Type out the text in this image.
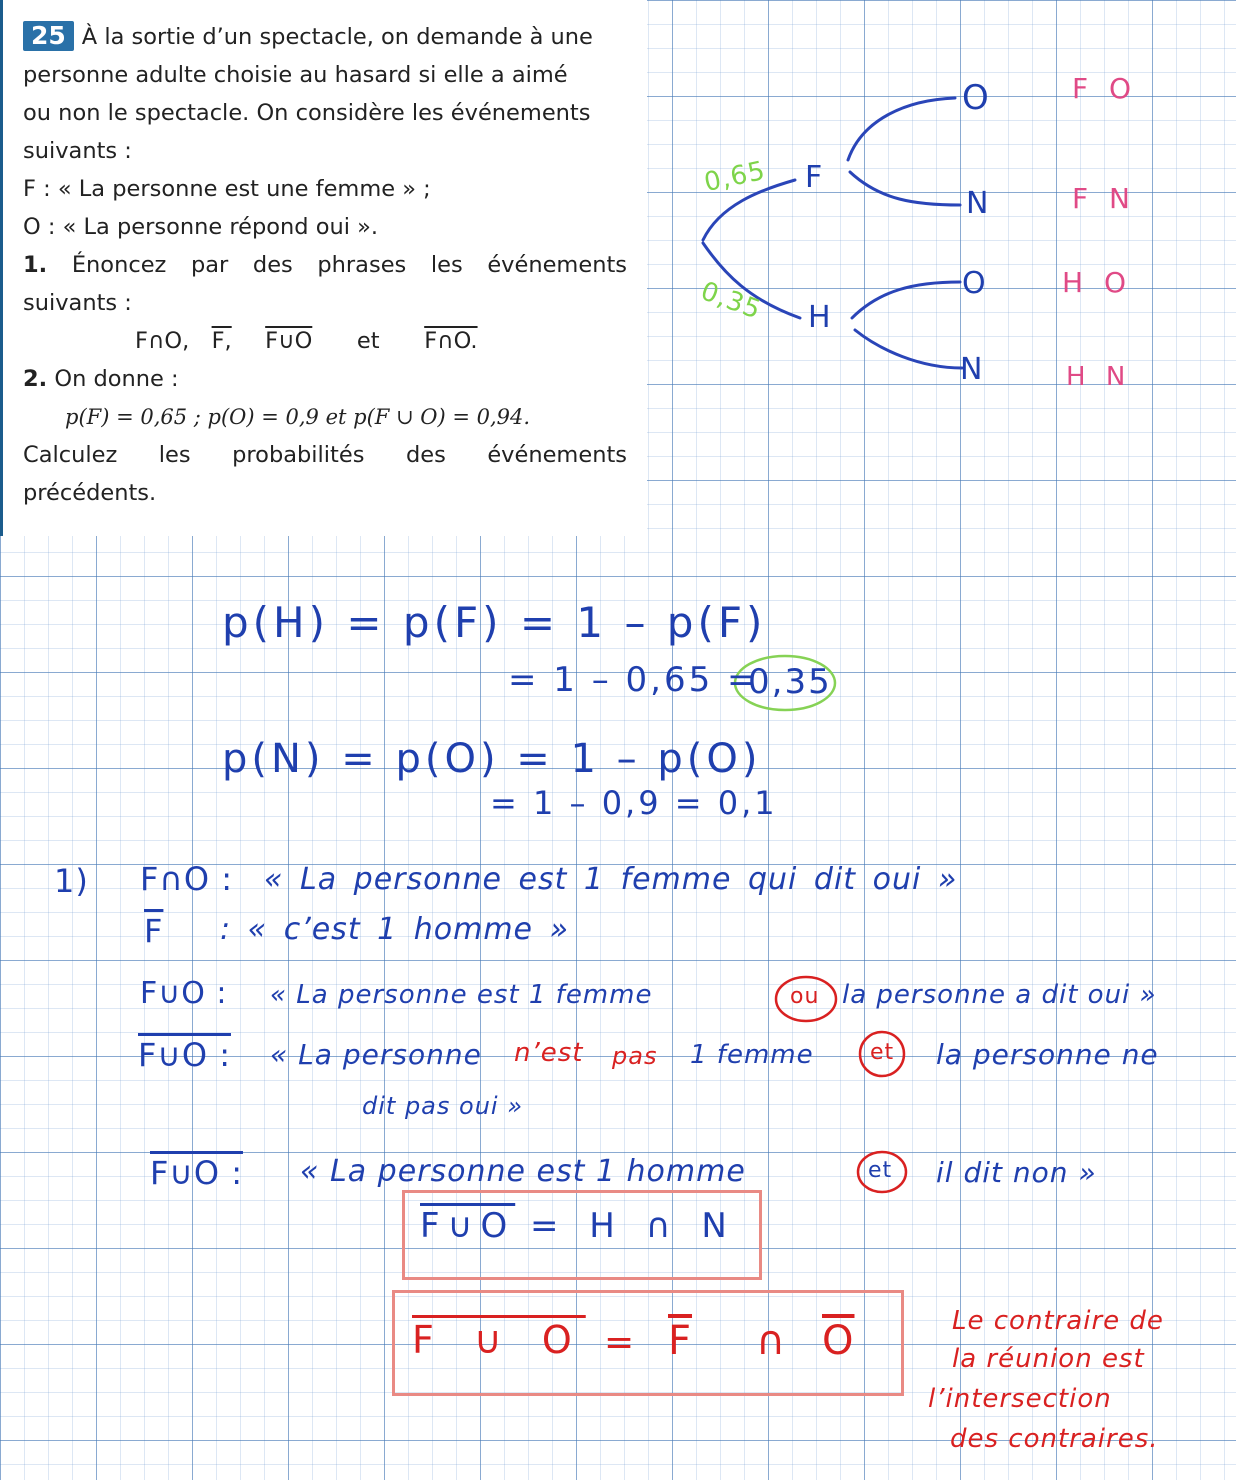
25 À la sortie d’un spectacle, on demande à une
personne adulte choisie au hasard si elle a aimé
ou non le spectacle. On considère les événements
suivants :
F : « La personne est une femme » ;
O : « La personne répond oui ».
1. Énoncez par des phrases les événements
suivants :
F∩O, F, F∪O et F∩O.
2. On donne :
p(F) = 0,65 ; p(O) = 0,9 et p(F ∪ O) = 0,94.
Calculez les probabilités des événements
précédents.
0,65
0,35
F
H
O
N
O
N
F O
F N
H O
H N
p(H) = p(F) = 1 – p(F)
= 1 – 0,65 =
0,35
p(N) = p(O) = 1 – p(O)
= 1 – 0,9 = 0,1
1) F∩O : « La personne est 1 femme qui dit oui »
$\overline{F}$ : « c’est 1 homme »
F∪O : « La personne est 1 femme	ou la personne a dit oui »
F∪O : « La personne n’est pas 1 femme	et la personne ne
dit pas oui »
F∪O : « La personne est 1 homme	et il dit non »
F∪O = H ∩ N
F ∪ $O = \overline{F}$ ∩ $\overline{O}$	Le contraire de
la réunion est
l’intersection
des contraires.
